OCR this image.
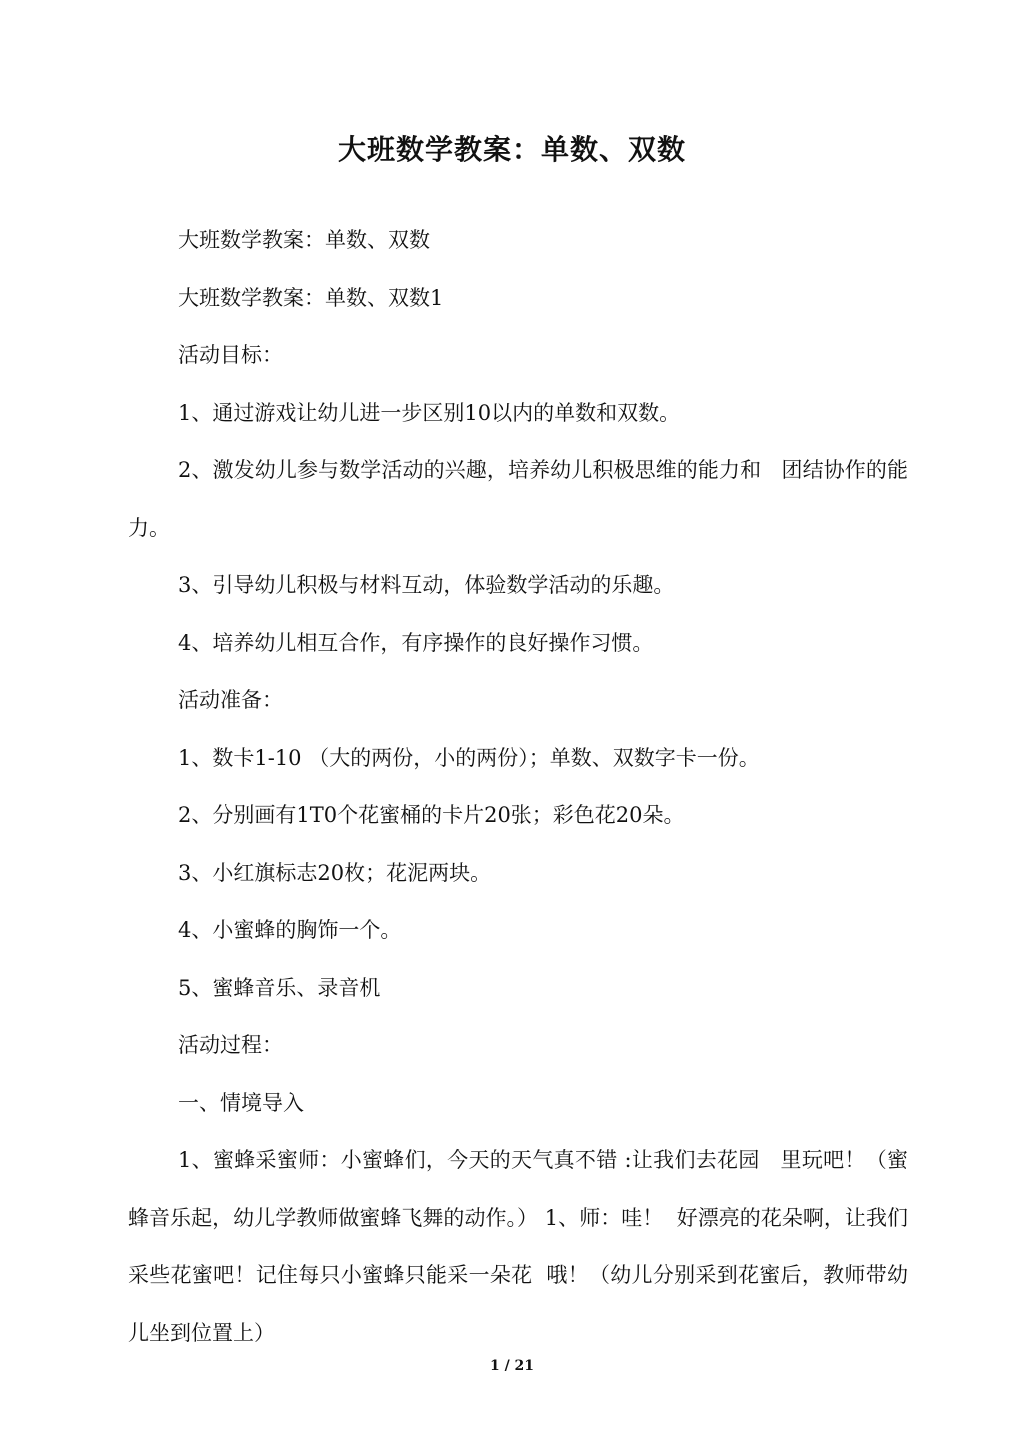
大班数学教案：单数、双数

大班数学教案：单数、双数

大班数学教案：单数、双数1

活动目标：

1、通过游戏让幼儿进一步区别10以内的单数和双数。

2、激发幼儿参与数学活动的兴趣，培养幼儿积极思维的能力和   团结协作的能力。

3、引导幼儿积极与材料互动，体验数学活动的乐趣。

4、培养幼儿相互合作，有序操作的良好操作习惯。

活动准备：

1、数卡1-10 （大的两份，小的两份）；单数、双数字卡一份。

2、分别画有1T0个花蜜桶的卡片20张；彩色花20朵。

3、小红旗标志20枚；花泥两块。

4、小蜜蜂的胸饰一个。

5、蜜蜂音乐、录音机

活动过程：

一、情境导入

1、蜜蜂采蜜师：小蜜蜂们，今天的天气真不错 :让我们去花园   里玩吧！（蜜蜂音乐起，幼儿学教师做蜜蜂飞舞的动作。） 1、师：哇！  好漂亮的花朵啊，让我们采些花蜜吧！记住每只小蜜蜂只能采一朵花  哦！（幼儿分别采到花蜜后，教师带幼儿坐到位置上）

1 / 21
